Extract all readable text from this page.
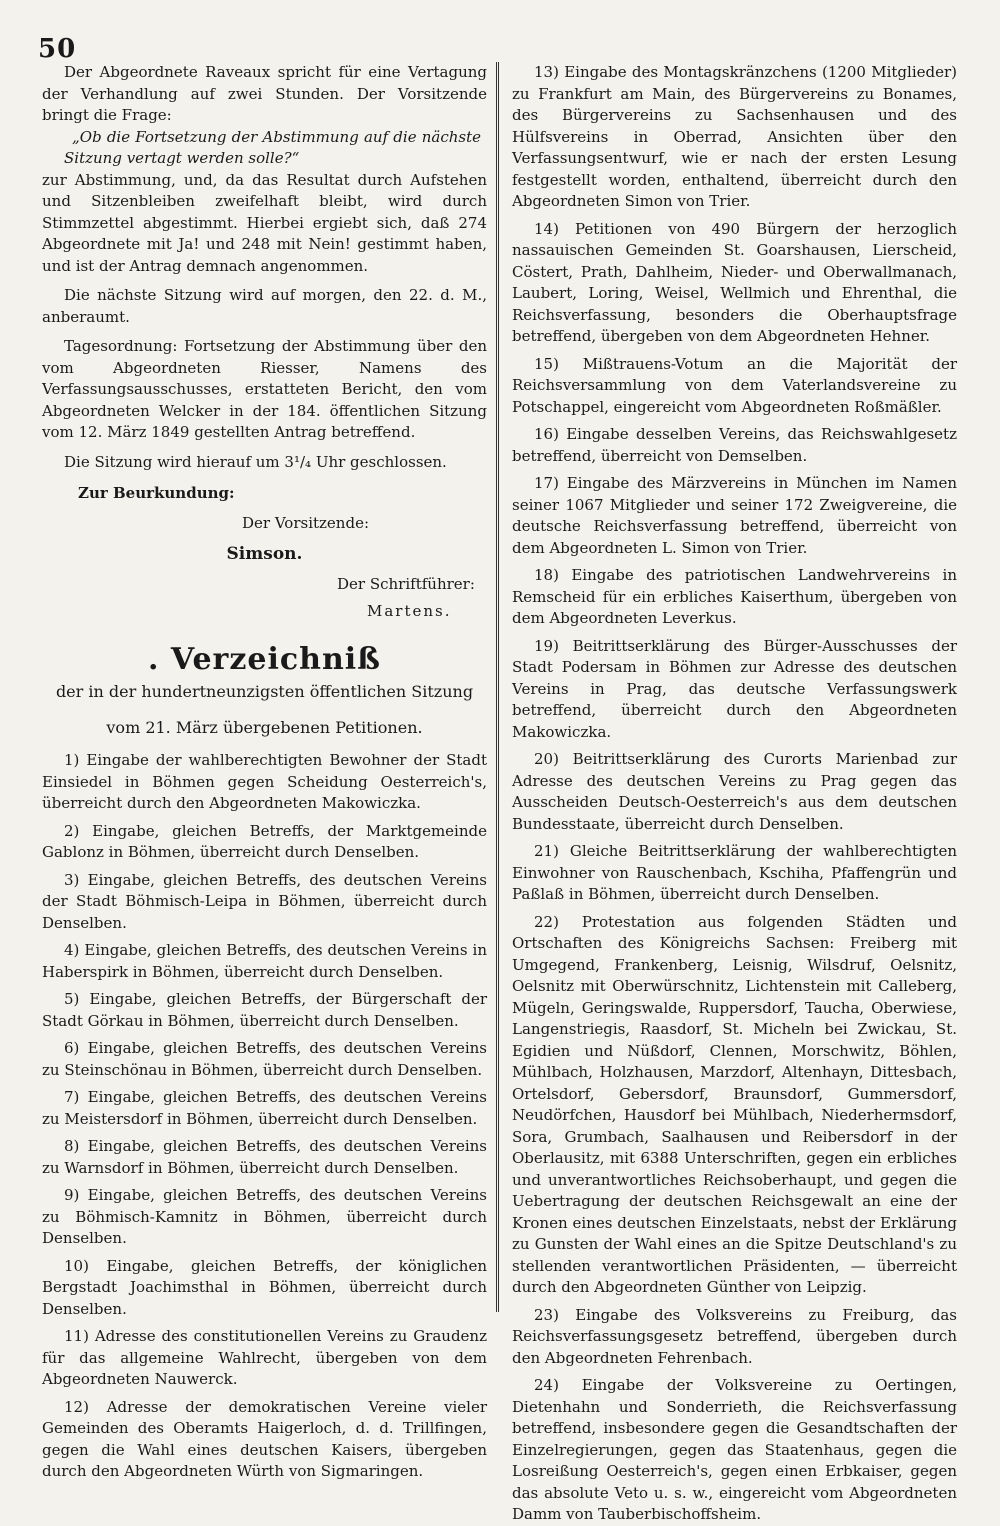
50

Der Abgeordnete Raveaux spricht für eine Vertagung der Verhandlung auf zwei Stunden. Der Vorsitzende bringt die Frage:

„Ob die Fortsetzung der Abstimmung auf die nächste Sitzung vertagt werden solle?“

zur Abstimmung, und, da das Resultat durch Aufstehen und Sitzenbleiben zweifelhaft bleibt, wird durch Stimmzettel abgestimmt. Hierbei ergiebt sich, daß 274 Abgeordnete mit Ja! und 248 mit Nein! gestimmt haben, und ist der Antrag demnach angenommen.

Die nächste Sitzung wird auf morgen, den 22. d. M., anberaumt.

Tagesordnung: Fortsetzung der Abstimmung über den vom Abgeordneten Riesser, Namens des Verfassungsausschusses, erstatteten Bericht, den vom Abgeordneten Welcker in der 184. öffentlichen Sitzung vom 12. März 1849 gestellten Antrag betreffend.

Die Sitzung wird hierauf um 3¹/₄ Uhr geschlossen.

Zur Beurkundung:
Der Vorsitzende:
Simson.
Der Schriftführer:
Martens.
. Verzeichniß
der in der hundertneunzigsten öffentlichen Sitzung
vom 21. März übergebenen Petitionen.

1) Eingabe der wahlberechtigten Bewohner der Stadt Einsiedel in Böhmen gegen Scheidung Oesterreich's, überreicht durch den Abgeordneten Makowiczka.

2) Eingabe, gleichen Betreffs, der Marktgemeinde Gablonz in Böhmen, überreicht durch Denselben.

3) Eingabe, gleichen Betreffs, des deutschen Vereins der Stadt Böhmisch-Leipa in Böhmen, überreicht durch Denselben.

4) Eingabe, gleichen Betreffs, des deutschen Vereins in Haberspirk in Böhmen, überreicht durch Denselben.

5) Eingabe, gleichen Betreffs, der Bürgerschaft der Stadt Görkau in Böhmen, überreicht durch Denselben.

6) Eingabe, gleichen Betreffs, des deutschen Vereins zu Steinschönau in Böhmen, überreicht durch Denselben.

7) Eingabe, gleichen Betreffs, des deutschen Vereins zu Meistersdorf in Böhmen, überreicht durch Denselben.

8) Eingabe, gleichen Betreffs, des deutschen Vereins zu Warnsdorf in Böhmen, überreicht durch Denselben.

9) Eingabe, gleichen Betreffs, des deutschen Vereins zu Böhmisch-Kamnitz in Böhmen, überreicht durch Denselben.

10) Eingabe, gleichen Betreffs, der königlichen Bergstadt Joachimsthal in Böhmen, überreicht durch Denselben.

11) Adresse des constitutionellen Vereins zu Graudenz für das allgemeine Wahlrecht, übergeben von dem Abgeordneten Nauwerck.

12) Adresse der demokratischen Vereine vieler Gemeinden des Oberamts Haigerloch, d. d. Trillfingen, gegen die Wahl eines deutschen Kaisers, übergeben durch den Abgeordneten Würth von Sigmaringen.

13) Eingabe des Montagskränzchens (1200 Mitglieder) zu Frankfurt am Main, des Bürgervereins zu Bonames, des Bürgervereins zu Sachsenhausen und des Hülfsvereins in Oberrad, Ansichten über den Verfassungsentwurf, wie er nach der ersten Lesung festgestellt worden, enthaltend, überreicht durch den Abgeordneten Simon von Trier.

14) Petitionen von 490 Bürgern der herzoglich nassauischen Gemeinden St. Goarshausen, Lierscheid, Cöstert, Prath, Dahlheim, Nieder- und Oberwallmanach, Laubert, Loring, Weisel, Wellmich und Ehrenthal, die Reichsverfassung, besonders die Oberhauptsfrage betreffend, übergeben von dem Abgeordneten Hehner.

15) Mißtrauens-Votum an die Majorität der Reichsversammlung von dem Vaterlandsvereine zu Potschappel, eingereicht vom Abgeordneten Roßmäßler.

16) Eingabe desselben Vereins, das Reichswahlgesetz betreffend, überreicht von Demselben.

17) Eingabe des Märzvereins in München im Namen seiner 1067 Mitglieder und seiner 172 Zweigvereine, die deutsche Reichsverfassung betreffend, überreicht von dem Abgeordneten L. Simon von Trier.

18) Eingabe des patriotischen Landwehrvereins in Remscheid für ein erbliches Kaiserthum, übergeben von dem Abgeordneten Leverkus.

19) Beitrittserklärung des Bürger-Ausschusses der Stadt Podersam in Böhmen zur Adresse des deutschen Vereins in Prag, das deutsche Verfassungswerk betreffend, überreicht durch den Abgeordneten Makowiczka.

20) Beitrittserklärung des Curorts Marienbad zur Adresse des deutschen Vereins zu Prag gegen das Ausscheiden Deutsch-Oesterreich's aus dem deutschen Bundesstaate, überreicht durch Denselben.

21) Gleiche Beitrittserklärung der wahlberechtigten Einwohner von Rauschenbach, Kschiha, Pfaffengrün und Paßlaß in Böhmen, überreicht durch Denselben.

22) Protestation aus folgenden Städten und Ortschaften des Königreichs Sachsen: Freiberg mit Umgegend, Frankenberg, Leisnig, Wilsdruf, Oelsnitz, Oelsnitz mit Oberwürschnitz, Lichtenstein mit Calleberg, Mügeln, Geringswalde, Ruppersdorf, Taucha, Oberwiese, Langenstriegis, Raasdorf, St. Micheln bei Zwickau, St. Egidien und Nüßdorf, Clennen, Morschwitz, Böhlen, Mühlbach, Holzhausen, Marzdorf, Altenhayn, Dittesbach, Ortelsdorf, Gebersdorf, Braunsdorf, Gummersdorf, Neudörfchen, Hausdorf bei Mühlbach, Niederhermsdorf, Sora, Grumbach, Saalhausen und Reibersdorf in der Oberlausitz, mit 6388 Unterschriften, gegen ein erbliches und unverantwortliches Reichsoberhaupt, und gegen die Uebertragung der deutschen Reichsgewalt an eine der Kronen eines deutschen Einzelstaats, nebst der Erklärung zu Gunsten der Wahl eines an die Spitze Deutschland's zu stellenden verantwortlichen Präsidenten, — überreicht durch den Abgeordneten Günther von Leipzig.

23) Eingabe des Volksvereins zu Freiburg, das Reichsverfassungsgesetz betreffend, übergeben durch den Abgeordneten Fehrenbach.

24) Eingabe der Volksvereine zu Oertingen, Dietenhahn und Sonderrieth, die Reichsverfassung betreffend, insbesondere gegen die Gesandtschaften der Einzelregierungen, gegen das Staatenhaus, gegen die Losreißung Oesterreich's, gegen einen Erbkaiser, gegen das absolute Veto u. s. w., eingereicht vom Abgeordneten Damm von Tauberbischoffsheim.
